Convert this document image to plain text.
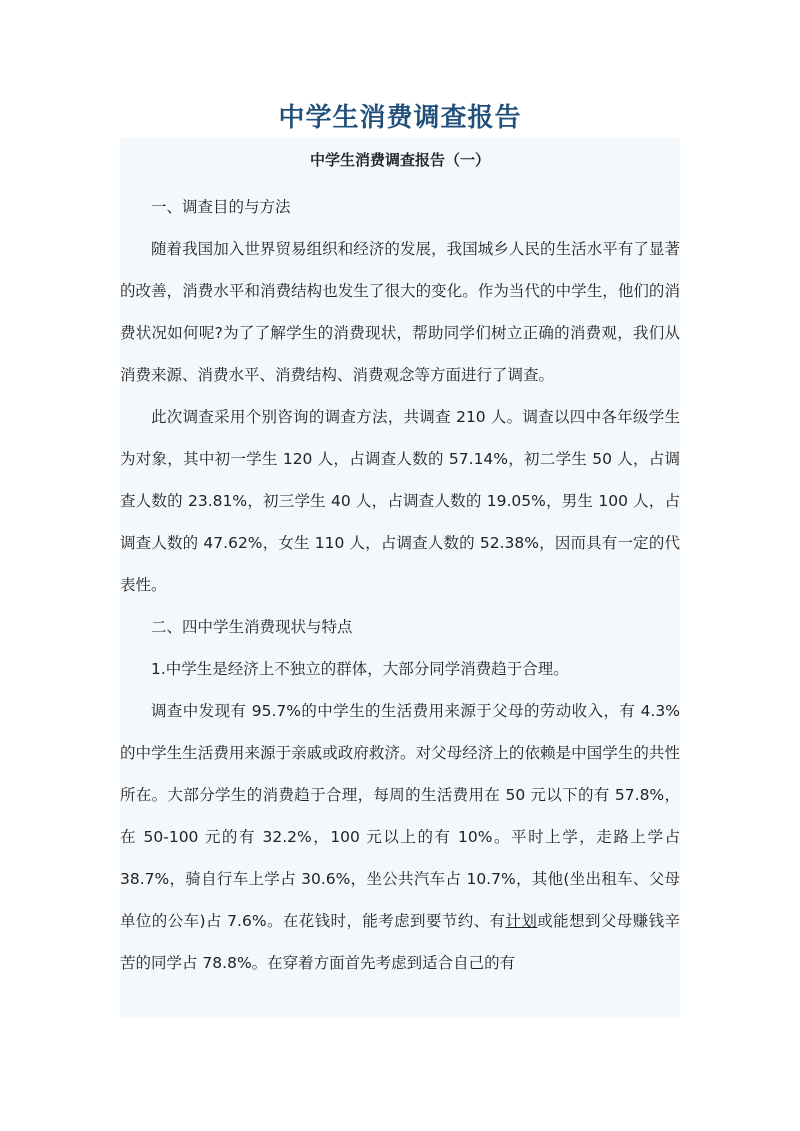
中学生消费调查报告
中学生消费调查报告（一）

一、调查目的与方法

随着我国加入世界贸易组织和经济的发展，我国城乡人民的生活水平有了显著的改善，消费水平和消费结构也发生了很大的变化。作为当代的中学生，他们的消费状况如何呢?为了了解学生的消费现状，帮助同学们树立正确的消费观，我们从消费来源、消费水平、消费结构、消费观念等方面进行了调查。

此次调查采用个别咨询的调查方法，共调查 210 人。调查以四中各年级学生为对象，其中初一学生 120 人，占调查人数的 57.14%，初二学生 50 人，占调查人数的 23.81%，初三学生 40 人，占调查人数的 19.05%，男生 100 人，占调查人数的 47.62%，女生 110 人，占调查人数的 52.38%，因而具有一定的代表性。

二、四中学生消费现状与特点

1.中学生是经济上不独立的群体，大部分同学消费趋于合理。

调查中发现有 95.7%的中学生的生活费用来源于父母的劳动收入，有 4.3%的中学生生活费用来源于亲戚或政府救济。对父母经济上的依赖是中国学生的共性所在。大部分学生的消费趋于合理，每周的生活费用在 50 元以下的有 57.8%，在 50-100 元的有 32.2%，100 元以上的有 10%。平时上学，走路上学占 38.7%，骑自行车上学占 30.6%，坐公共汽车占 10.7%，其他(坐出租车、父母单位的公车)占 7.6%。在花钱时，能考虑到要节约、有计划或能想到父母赚钱辛苦的同学占 78.8%。在穿着方面首先考虑到适合自己的有
